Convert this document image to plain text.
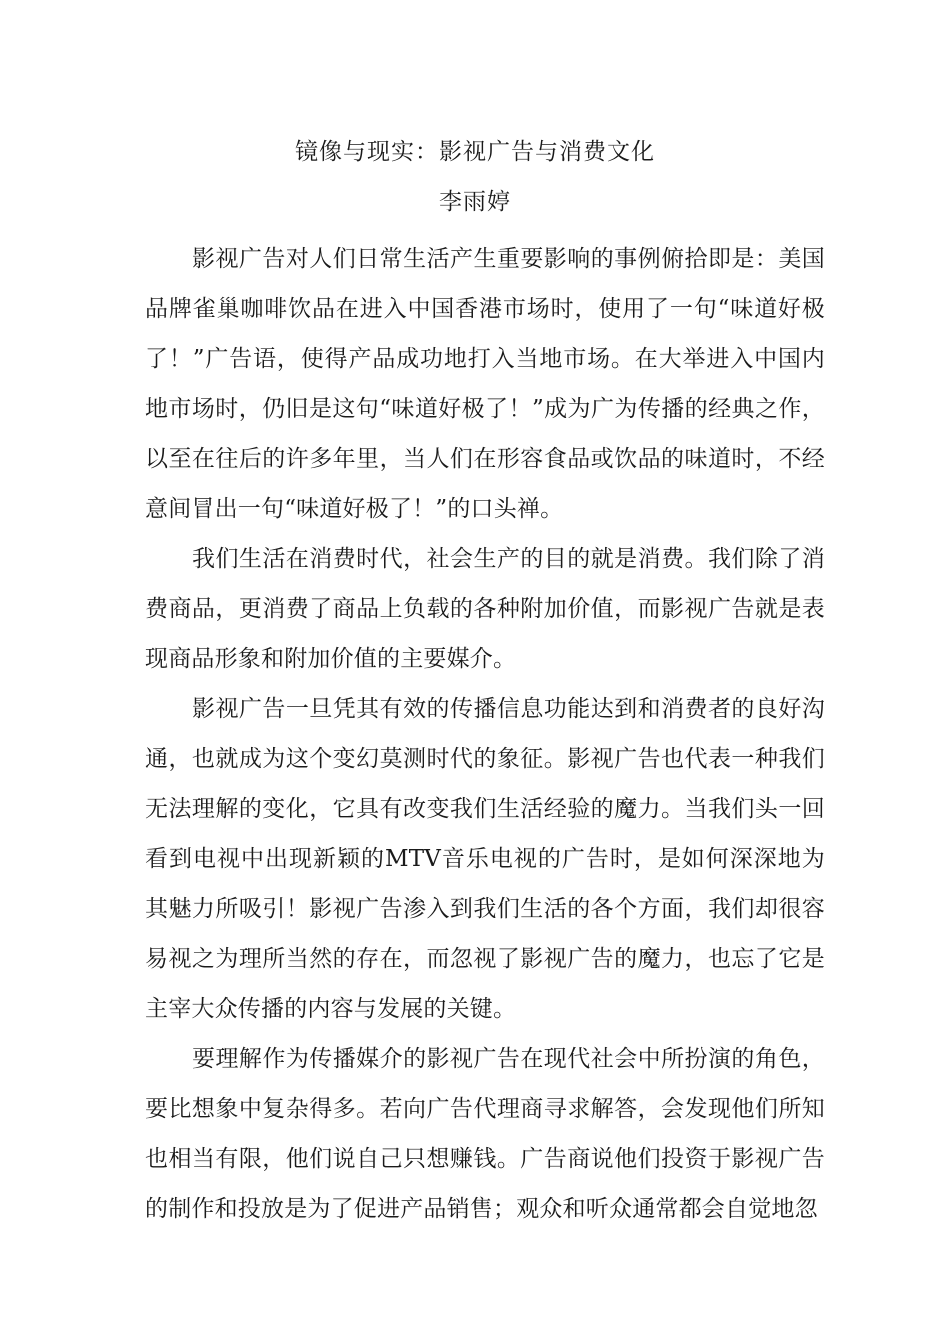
镜像与现实：影视广告与消费文化
李雨婷

影视广告对人们日常生活产生重要影响的事例俯拾即是：美国品牌雀巢咖啡饮品在进入中国香港市场时，使用了一句“味道好极了！”广告语，使得产品成功地打入当地市场。在大举进入中国内地市场时，仍旧是这句“味道好极了！”成为广为传播的经典之作，以至在往后的许多年里，当人们在形容食品或饮品的味道时，不经意间冒出一句“味道好极了！”的口头禅。

我们生活在消费时代，社会生产的目的就是消费。我们除了消费商品，更消费了商品上负载的各种附加价值，而影视广告就是表现商品形象和附加价值的主要媒介。

影视广告一旦凭其有效的传播信息功能达到和消费者的良好沟通，也就成为这个变幻莫测时代的象征。影视广告也代表一种我们无法理解的变化，它具有改变我们生活经验的魔力。当我们头一回看到电视中出现新颖的MTV音乐电视的广告时，是如何深深地为其魅力所吸引！影视广告渗入到我们生活的各个方面，我们却很容易视之为理所当然的存在，而忽视了影视广告的魔力，也忘了它是主宰大众传播的内容与发展的关键。

要理解作为传播媒介的影视广告在现代社会中所扮演的角色，要比想象中复杂得多。若向广告代理商寻求解答，会发现他们所知也相当有限，他们说自己只想赚钱。广告商说他们投资于影视广告的制作和投放是为了促进产品销售；观众和听众通常都会自觉地忽
